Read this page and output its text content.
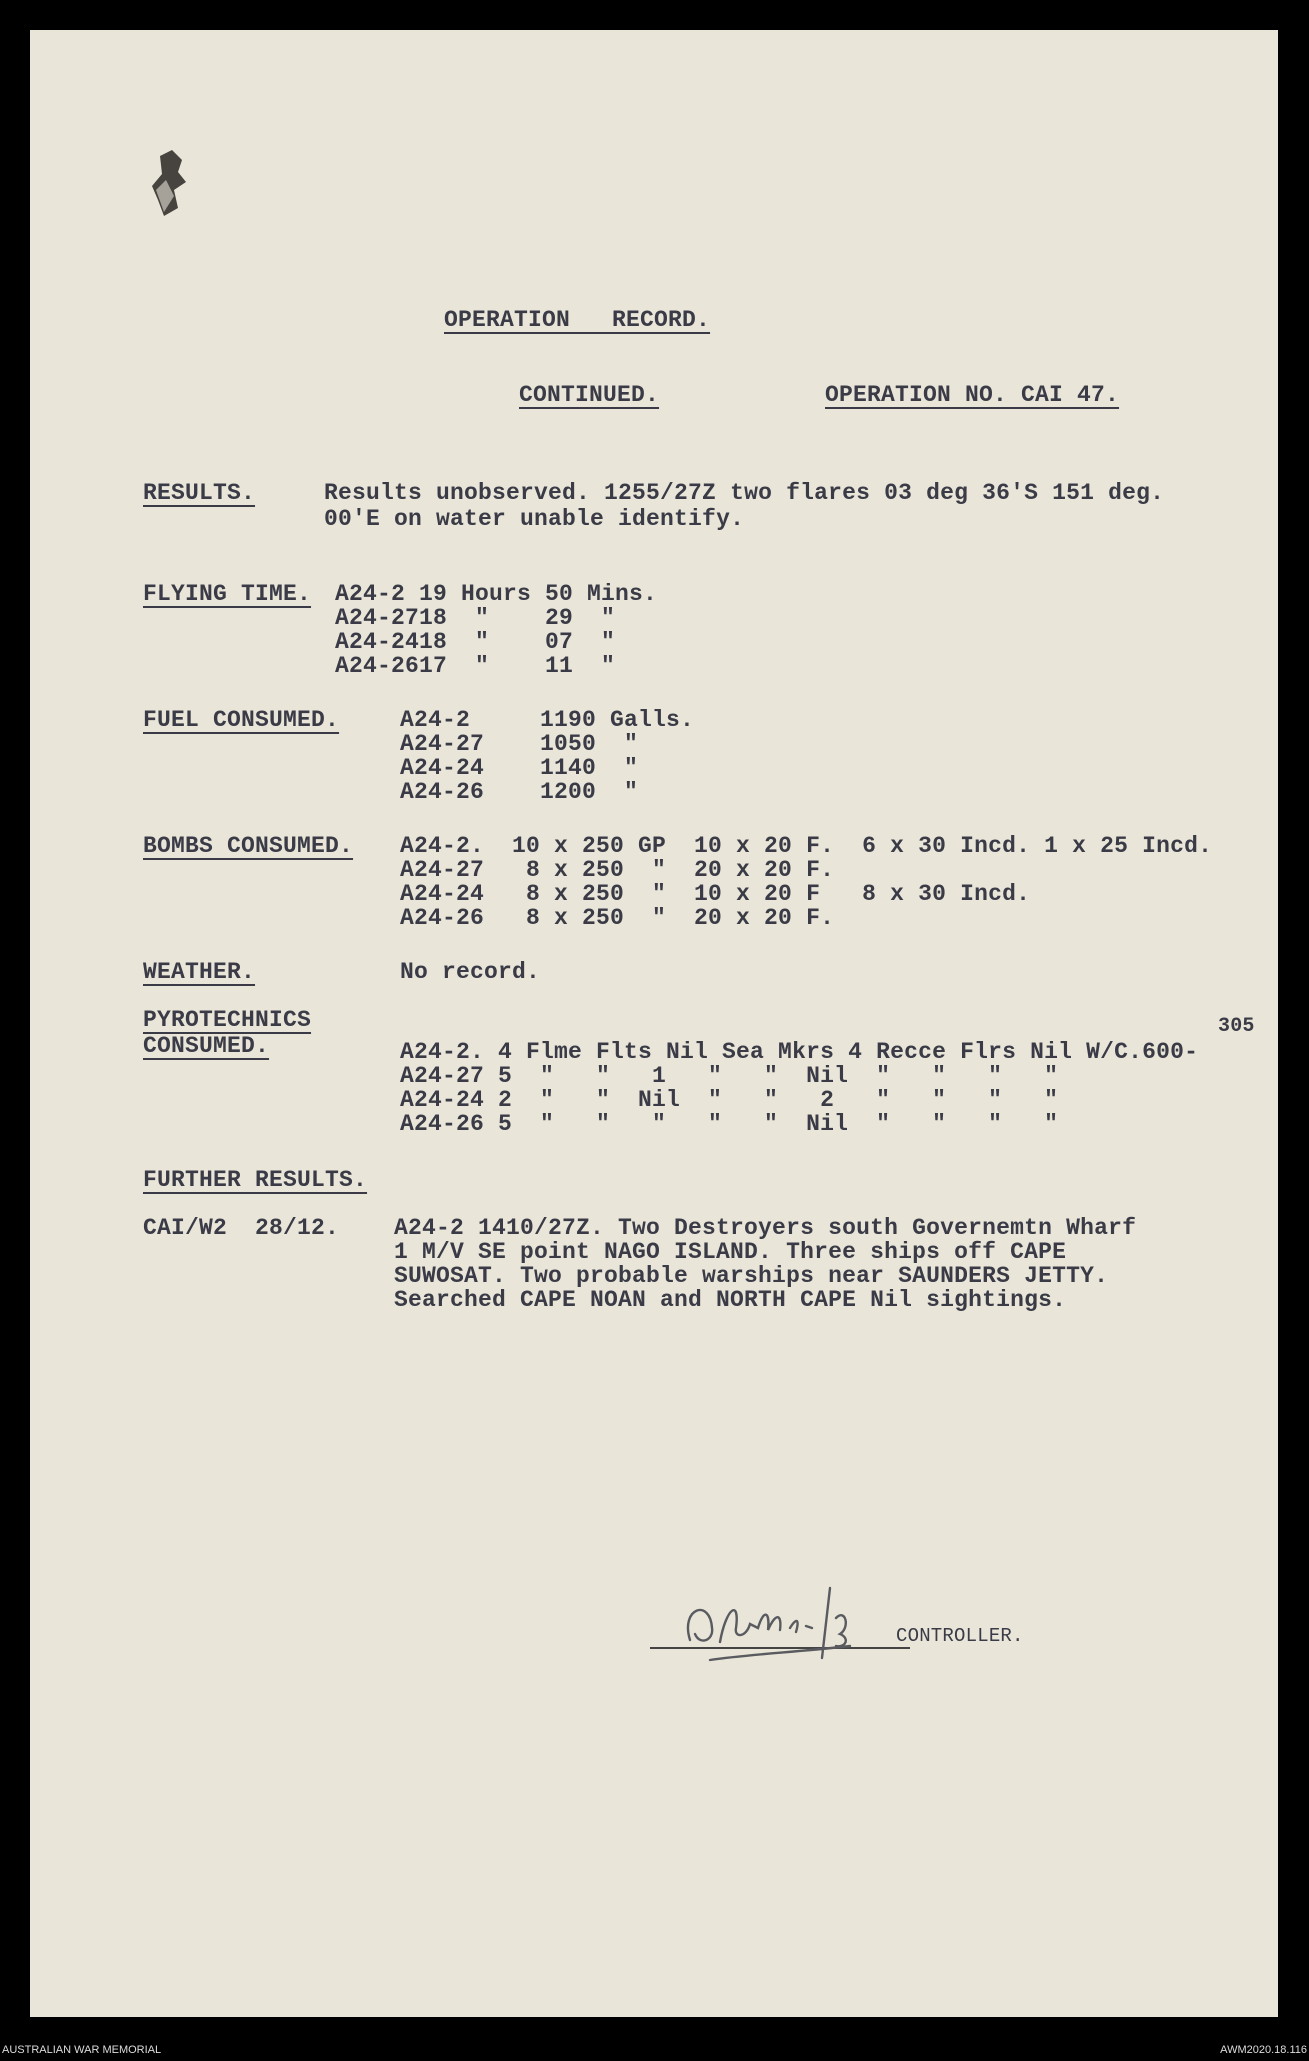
OPERATION   RECORD.
CONTINUED.	OPERATION NO. CAI 47.
RESULTS.	Results unobserved. 1255/27Z two flares 03 deg 36'S 151 deg.
00'E on water unable identify.
FLYING TIME. A24-2 19 Hours 50 Mins.
A24-2718  "    29  "
A24-2418  "    07  "
A24-2617  "    11  "
FUEL CONSUMED.	A24-2     1190 Galls.
A24-27    1050  "
A24-24    1140  "
A24-26    1200  "
BOMBS CONSUMED. A24-2.  10 x 250 GP  10 x 20 F.  6 x 30 Incd. 1 x 25 Incd.
A24-27   8 x 250  "  20 x 20 F.
A24-24   8 x 250  "  10 x 20 F   8 x 30 Incd.
A24-26   8 x 250  "  20 x 20 F.
WEATHER.	No record.
PYROTECHNICS
CONSUMED.
305
A24-2. 4 Flme Flts Nil Sea Mkrs 4 Recce Flrs Nil W/C.600-
A24-27 5  "   "   1   "   "  Nil  "   "   "   "
A24-24 2  "   "  Nil  "   "   2   "   "   "   "
A24-26 5  "   "   "   "   "  Nil  "   "   "   "
FURTHER RESULTS.
CAI/W2  28/12. A24-2 1410/27Z. Two Destroyers south Governemtn Wharf
1 M/V SE point NAGO ISLAND. Three ships off CAPE
SUWOSAT. Two probable warships near SAUNDERS JETTY.
Searched CAPE NOAN and NORTH CAPE Nil sightings.
CONTROLLER.
AUSTRALIAN WAR MEMORIAL	AWM2020.18.116
